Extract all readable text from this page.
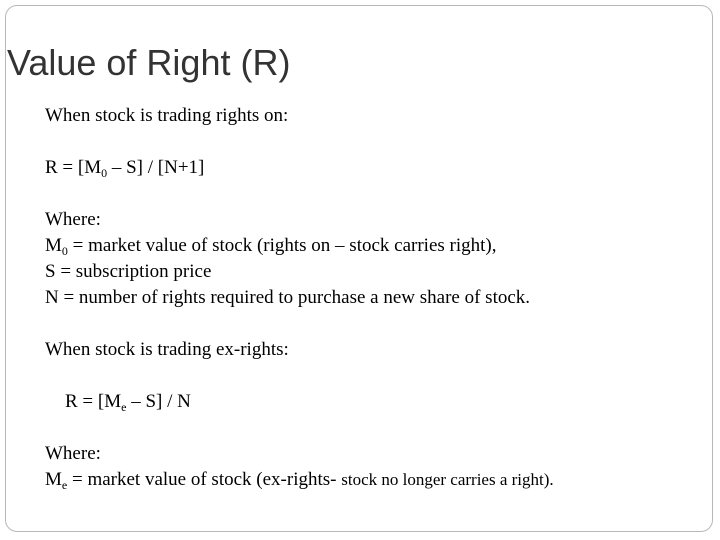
Value of Right (R)
When stock is trading rights on:
$R = [M_0 - S] / [N+1]$
Where:
$M_0$ = market value of stock (rights on – stock carries right),
S = subscription price
N = number of rights required to purchase a new share of stock.
When stock is trading ex-rights:
$R = [M_e - S] / N$
Where:
$M_e$ = market value of stock (ex-rights- stock no longer carries a right).
